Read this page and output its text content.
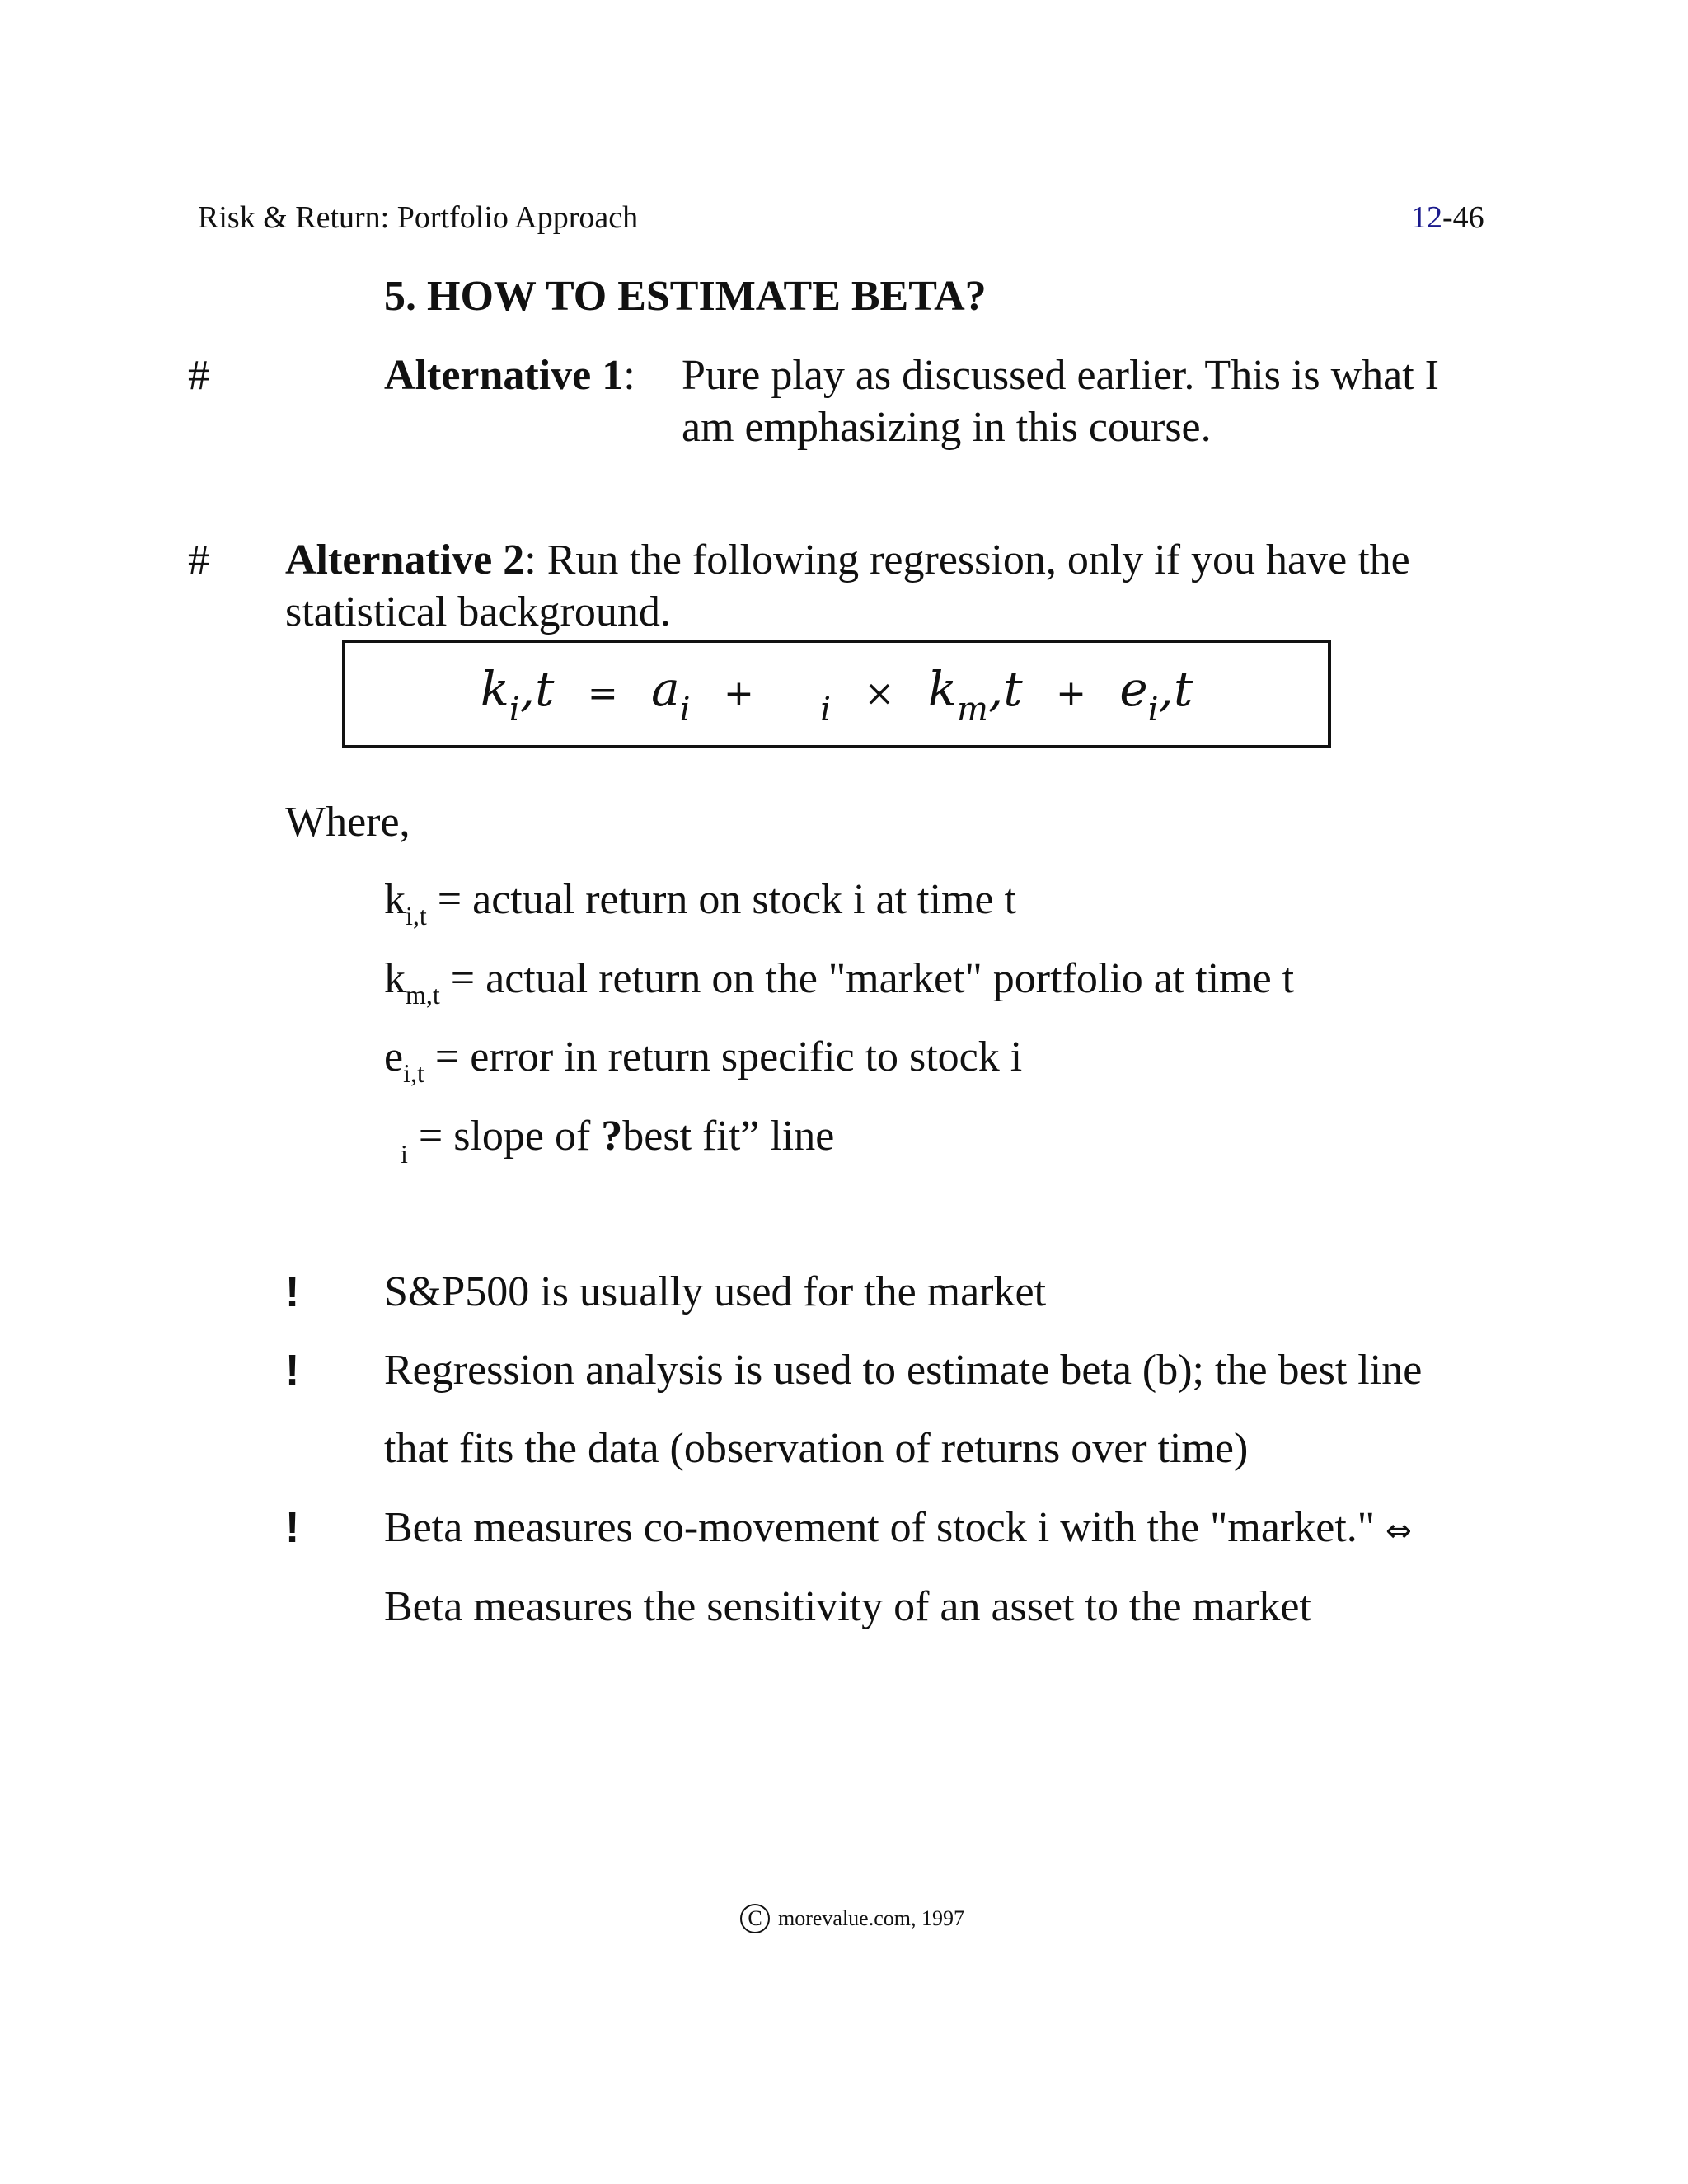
Risk & Return: Portfolio Approach	12-46
5. HOW TO ESTIMATE BETA?
#	Alternative 1: Pure play as discussed earlier. This is what I
am emphasizing in this course.
# Alternative 2: Run the following regression, only if you have the
statistical background.
$k_i,t = a_i + _i \times k_m,t + e_i,t$
Where,
$k_{i,t}$ = actual return on stock i at time t
$k_{m,t}$ = actual return on the "market" portfolio at time t
$e_{i,t}$ = error in return specific to stock i
$_i$ = slope of ?best fit” line
! S&P500 is usually used for the market
! Regression analysis is used to estimate beta (b); the best line
that fits the data (observation of returns over time)
! Beta measures co-movement of stock i with the "market." ⇔
Beta measures the sensitivity of an asset to the market
C morevalue.com, 1997
